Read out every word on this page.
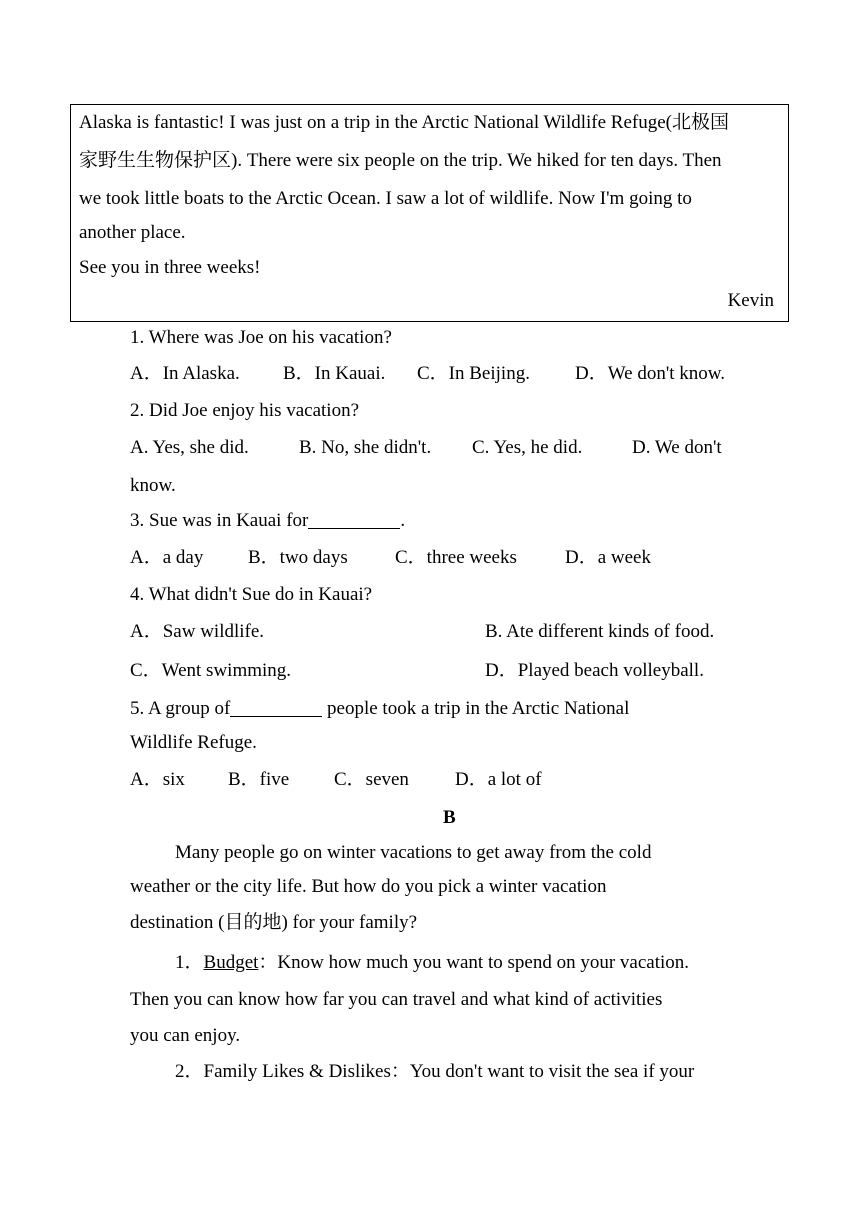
Alaska is fantastic! I was just on a trip in the Arctic National Wildlife Refuge(北极国
家野生生物保护区). There were six people on the trip. We hiked for ten days. Then
we took little boats to the Arctic Ocean. I saw a lot of wildlife. Now I'm going to
another place.
See you in three weeks!
Kevin
1. Where was Joe on his vacation?
A．In Alaska. B．In Kauai. C．In Beijing. D．We don't know.
2. Did Joe enjoy his vacation?
A. Yes, she did.	B. No, she didn't. C. Yes, he did.	D. We don't
know.
3. Sue was in Kauai for	.
A．a day B．two days C．three weeks	D．a week
4. What didn't Sue do in Kauai?
A．Saw wildlife.	B. Ate different kinds of food.
C．Went swimming.	D．Played beach volleyball.
5. A group of	people took a trip in the Arctic National
Wildlife Refuge.
A．six B．five C．seven D．a lot of
B
Many people go on winter vacations to get away from the cold
weather or the city life. But how do you pick a winter vacation
destination (目的地) for your family?
1．Budget：Know how much you want to spend on your vacation.
Then you can know how far you can travel and what kind of activities
you can enjoy.
2．Family Likes & Dislikes：You don't want to visit the sea if your
